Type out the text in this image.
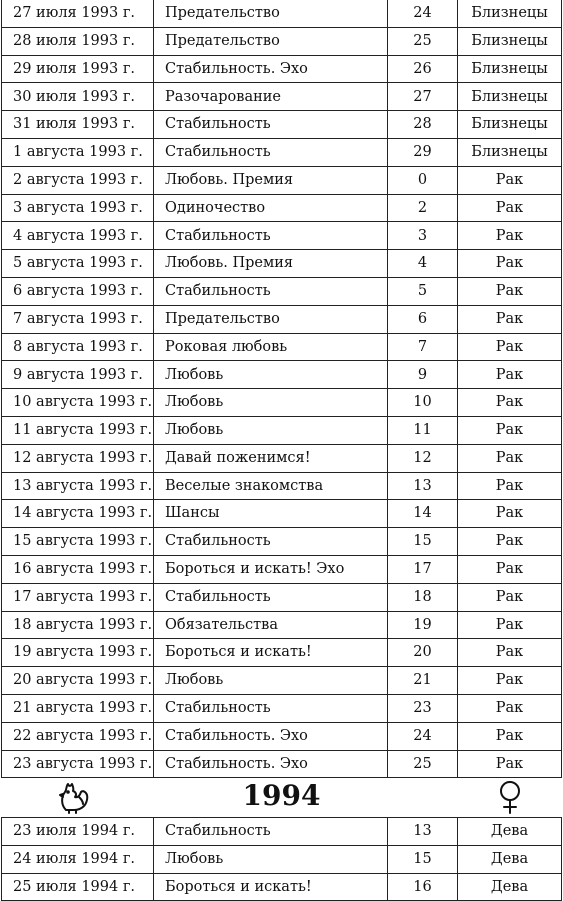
27 июля 1993 г.	Предательство	24	Близнецы
28 июля 1993 г.	Предательство	25	Близнецы
29 июля 1993 г.	Стабильность. Эхо	26	Близнецы
30 июля 1993 г.	Разочарование	27	Близнецы
31 июля 1993 г.	Стабильность	28	Близнецы
1 августа 1993 г.	Стабильность	29	Близнецы
2 августа 1993 г.	Любовь. Премия	0	Рак
3 августа 1993 г.	Одиночество	2	Рак
4 августа 1993 г.	Стабильность	3	Рак
5 августа 1993 г.	Любовь. Премия	4	Рак
6 августа 1993 г.	Стабильность	5	Рак
7 августа 1993 г.	Предательство	6	Рак
8 августа 1993 г.	Роковая любовь	7	Рак
9 августа 1993 г.	Любовь	9	Рак
10 августа 1993 г.	Любовь	10	Рак
11 августа 1993 г.	Любовь	11	Рак
12 августа 1993 г.	Давай поженимся!	12	Рак
13 августа 1993 г.	Веселые знакомства	13	Рак
14 августа 1993 г.	Шансы	14	Рак
15 августа 1993 г.	Стабильность	15	Рак
16 августа 1993 г.	Бороться и искать! Эхо	17	Рак
17 августа 1993 г.	Стабильность	18	Рак
18 августа 1993 г.	Обязательства	19	Рак
19 августа 1993 г.	Бороться и искать!	20	Рак
20 августа 1993 г.	Любовь	21	Рак
21 августа 1993 г.	Стабильность	23	Рак
22 августа 1993 г.	Стабильность. Эхо	24	Рак
23 августа 1993 г.	Стабильность. Эхо	25	Рак
1994
23 июля 1994 г.	Стабильность	13	Дева
24 июля 1994 г.	Любовь	15	Дева
25 июля 1994 г.	Бороться и искать!	16	Дева
